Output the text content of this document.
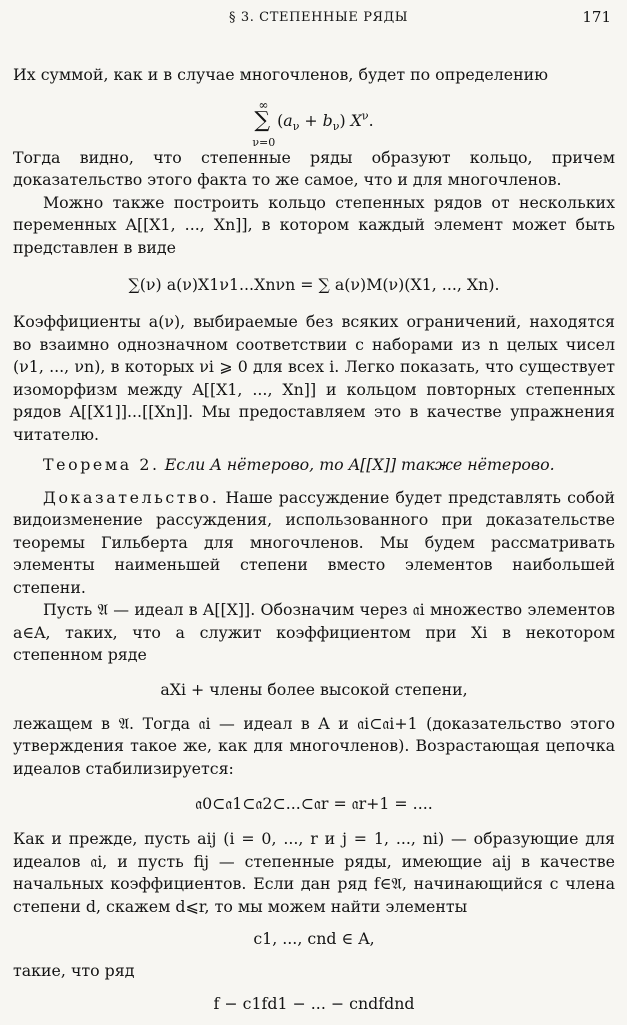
§ 3. СТЕПЕННЫЕ РЯДЫ	171

Их суммой, как и в случае многочленов, будет по определению

∑
∞
ν=0
$(a_\nu + b_\nu)$ $X^\nu$.

Тогда видно, что степенные ряды образуют кольцо, причем доказательство этого факта то же самое, что и для многочленов.

Можно также построить кольцо степенных рядов от нескольких переменных A[[X1, ..., Xn]], в котором каждый элемент может быть представлен в виде

∑(ν) a(ν)X1ν1...Xnνn = ∑ a(ν)M(ν)(X1, ..., Xn).

Коэффициенты a(ν), выбираемые без всяких ограничений, находятся во взаимно однозначном соответствии с наборами из n целых чисел (ν1, ..., νn), в которых νi ⩾ 0 для всех i. Легко показать, что существует изоморфизм между A[[X1, ..., Xn]] и кольцом повторных степенных рядов A[[X1]]...[[Xn]]. Мы предоставляем это в качестве упражнения читателю.

Теорема 2. Если A нётерово, то A[[X]] также нётерово.

Доказательство. Наше рассуждение будет представлять собой видоизменение рассуждения, использованного при доказательстве теоремы Гильберта для многочленов. Мы будем рассматривать элементы наименьшей степени вместо элементов наибольшей степени.

Пусть 𝔄 — идеал в A[[X]]. Обозначим через 𝔞i множество элементов a∈A, таких, что a служит коэффициентом при Xi в некотором степенном ряде

aXi + члены более высокой степени,

лежащем в 𝔄. Тогда 𝔞i — идеал в A и 𝔞i⊂𝔞i+1 (доказательство этого утверждения такое же, как для многочленов). Возрастающая цепочка идеалов стабилизируется:

𝔞0⊂𝔞1⊂𝔞2⊂...⊂𝔞r = 𝔞r+1 = ....

Как и прежде, пусть aij (i = 0, ..., r и j = 1, ..., ni) — образующие для идеалов 𝔞i, и пусть fij — степенные ряды, имеющие aij в качестве начальных коэффициентов. Если дан ряд f∈𝔄, начинающийся с члена степени d, скажем d⩽r, то мы можем найти элементы

c1, ..., cnd ∈ A,

такие, что ряд

f − c1fd1 − ... − cndfdnd
